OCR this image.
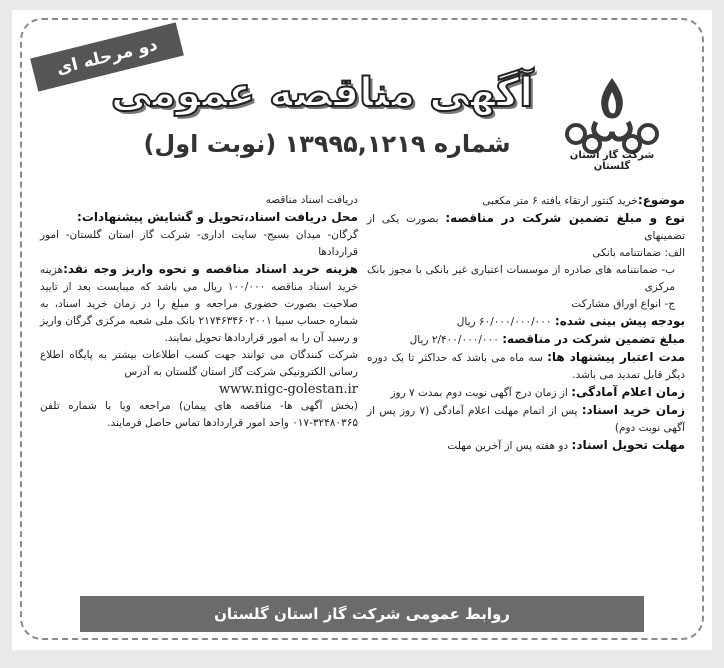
دو مرحله ای
شرکت گاز استان گلستان
آگهی مناقصه عمومی
شماره ۱۳۹۹۵,۱۲۱۹ (نوبت اول)

موضوع:خرید کنتور ارتقاء یافته ۶ متر مکعبی

نوع و مبلغ تضمین شرکت در مناقصه: بصورت یکی از تضمینهای

الف: ضمانتنامه بانکی

ب- ضمانتنامه های صادره از موسسات اعتباری غیر بانکی با مجوز بانک مرکزی

ج- انواع اوراق مشارکت

بودجه پیش بینی شده: ۶۰/۰۰۰/۰۰۰/۰۰۰ ریال

مبلغ تضمین شرکت در مناقصه: ۲/۴۰۰/۰۰۰/۰۰۰ ریال

مدت اعتبار پیشنهاد ها: سه ماه می باشد که حداکثر تا یک دوره دیگر قابل تمدید می باشد.

زمان اعلام آمادگی: از زمان درج آگهی نوبت دوم بمدت ۷ روز

زمان خرید اسناد: پس از اتمام مهلت اعلام آمادگی (۷ روز پس از آگهی نوبت دوم)

مهلت تحویل اسناد: دو هفته پس از آخرین مهلت

دریافت اسناد مناقصه

محل دریافت اسناد،تحویل و گشایش پیشنهادات:

گرگان- میدان بسیج- سایت اداری- شرکت گاز استان گلستان- امور قراردادها

هزینه خرید اسناد مناقصه و نحوه واریز وجه نقد:هزینه خرید اسناد مناقصه ۱۰۰/۰۰۰ ریال می باشد که میبایست بعد از تایید صلاحیت بصورت حضوری مراجعه و مبلغ را در زمان خرید اسناد، به شماره حساب سیبا ۲۱۷۴۶۳۴۶۰۲۰۰۱ بانک ملی شعبه مرکزی گرگان واریز و رسید آن را به امور قراردادها تحویل نمایند.

شرکت کنندگان می توانند جهت کسب اطلاعات بیشتر به پایگاه اطلاع رسانی الکترونیکی شرکت گاز استان گلستان به آدرس

www.nigc-golestan.ir

(بخش آگهی ها- مناقصه های پیمان) مراجعه ویا با شماره تلفن ۳۲۴۸۰۳۶۵-۰۱۷ واحد امور قراردادها تماس حاصل فرمایند.

روابط عمومی شرکت گاز استان گلستان
